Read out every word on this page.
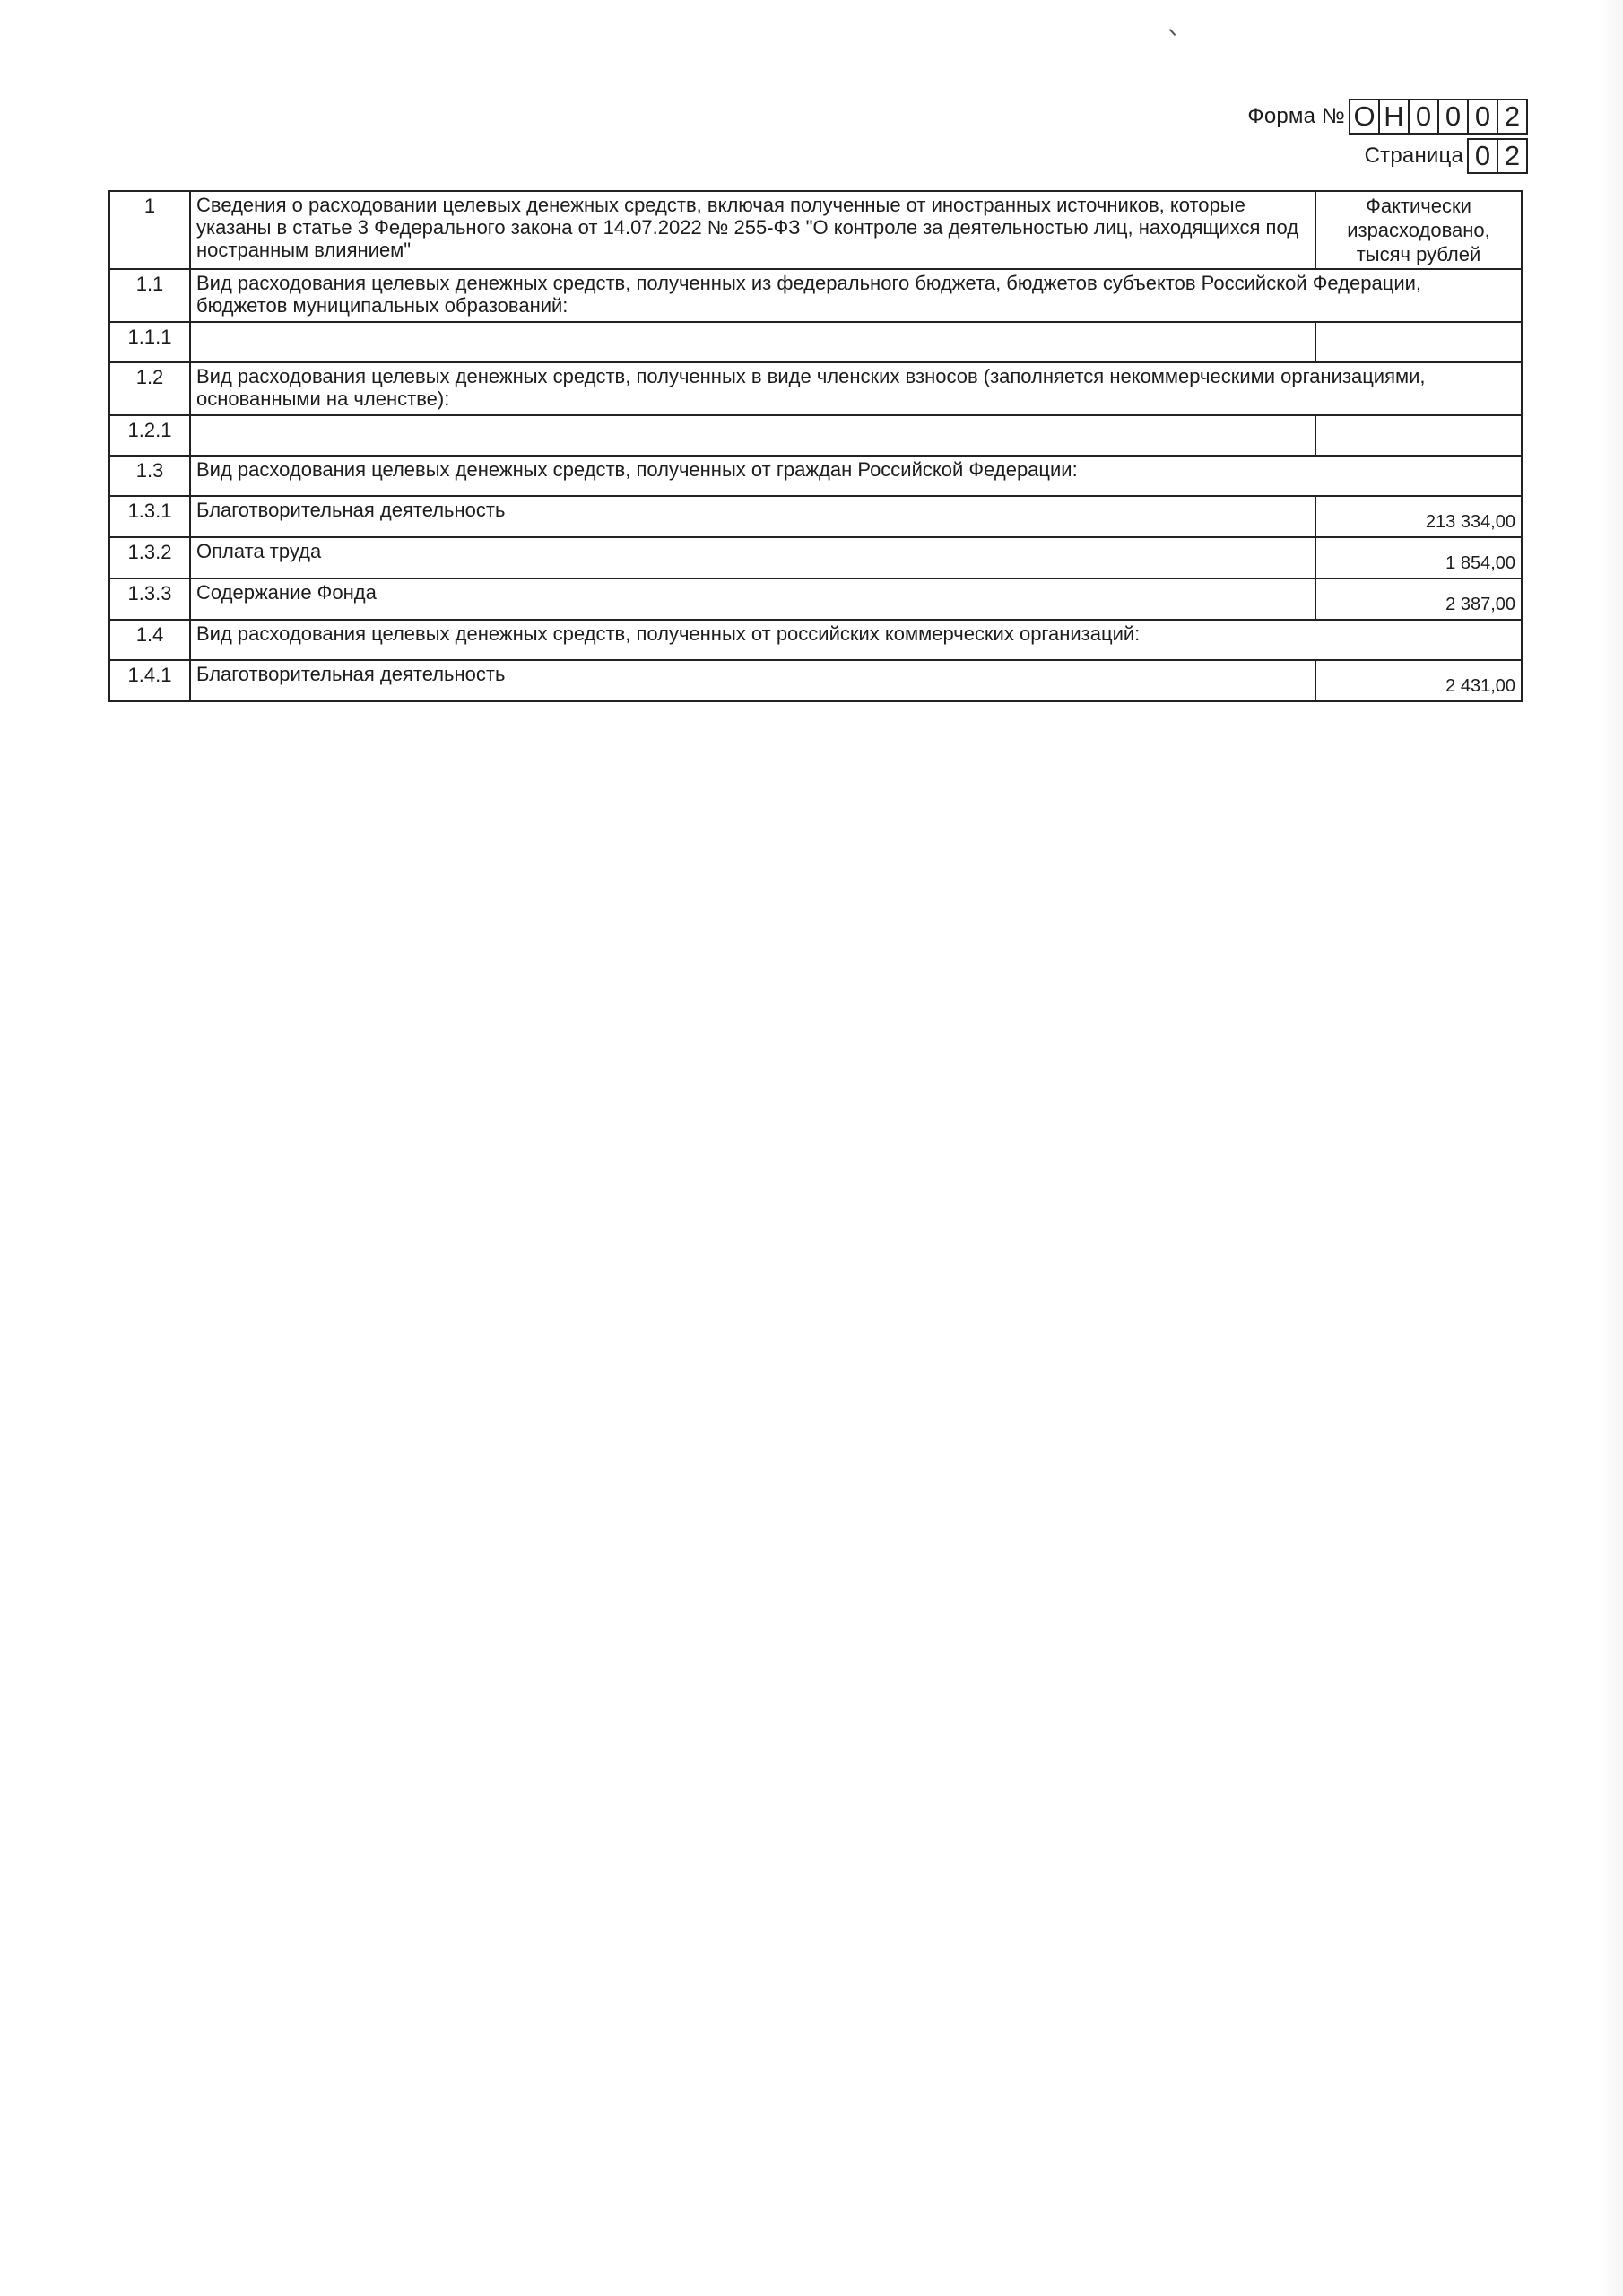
Форма № О Н 0 0 0 2
Страница 0 2
1	Сведения о расходовании целевых денежных средств, включая полученные от иностранных источников, которые указаны в статье 3 Федерального закона от 14.07.2022 № 255-ФЗ "О контроле за деятельностью лиц, находящихся под нострaнным влиянием"	Фактически израсходовано, тысяч рублей
1.1	Вид расходования целевых денежных средств, полученных из федерального бюджета, бюджетов субъектов Российской Федерации, бюджетов муниципальных образований:	
1.1.1		
1.2	Вид расходования целевых денежных средств, полученных в виде членских взносов (заполняется некоммерческими организациями, основанными на членстве):	
1.2.1		
1.3	Вид расходования целевых денежных средств, полученных от граждан Российской Федерации:	
1.3.1	Благотворительная деятельность	213 334,00
1.3.2	Оплата труда	1 854,00
1.3.3	Содержание Фонда	2 387,00
1.4	Вид расходования целевых денежных средств, полученных от российских коммерческих организаций:	
1.4.1	Благотворительная деятельность	2 431,00
